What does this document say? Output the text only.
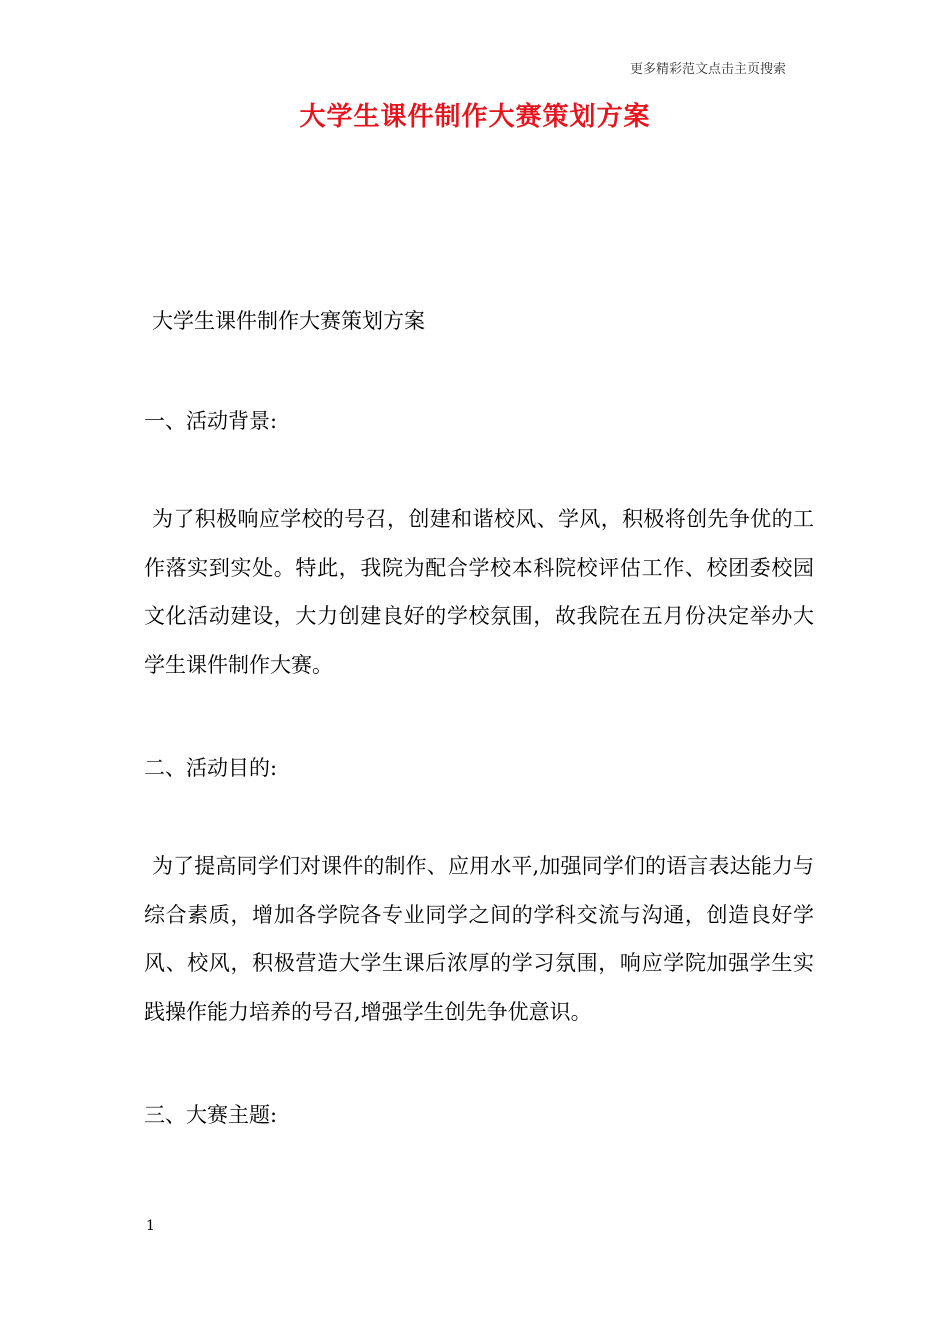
更多精彩范文点击主页搜索
大学生课件制作大赛策划方案
大学生课件制作大赛策划方案
一、活动背景:
为了积极响应学校的号召，创建和谐校风、学风，积极将创先争优的工作落实到实处。特此，我院为配合学校本科院校评估工作、校团委校园文化活动建设，大力创建良好的学校氛围，故我院在五月份决定举办大学生课件制作大赛。
二、活动目的:
为了提高同学们对课件的制作、应用水平,加强同学们的语言表达能力与综合素质，增加各学院各专业同学之间的学科交流与沟通，创造良好学风、校风，积极营造大学生课后浓厚的学习氛围，响应学院加强学生实践操作能力培养的号召,增强学生创先争优意识。
三、大赛主题:
1
